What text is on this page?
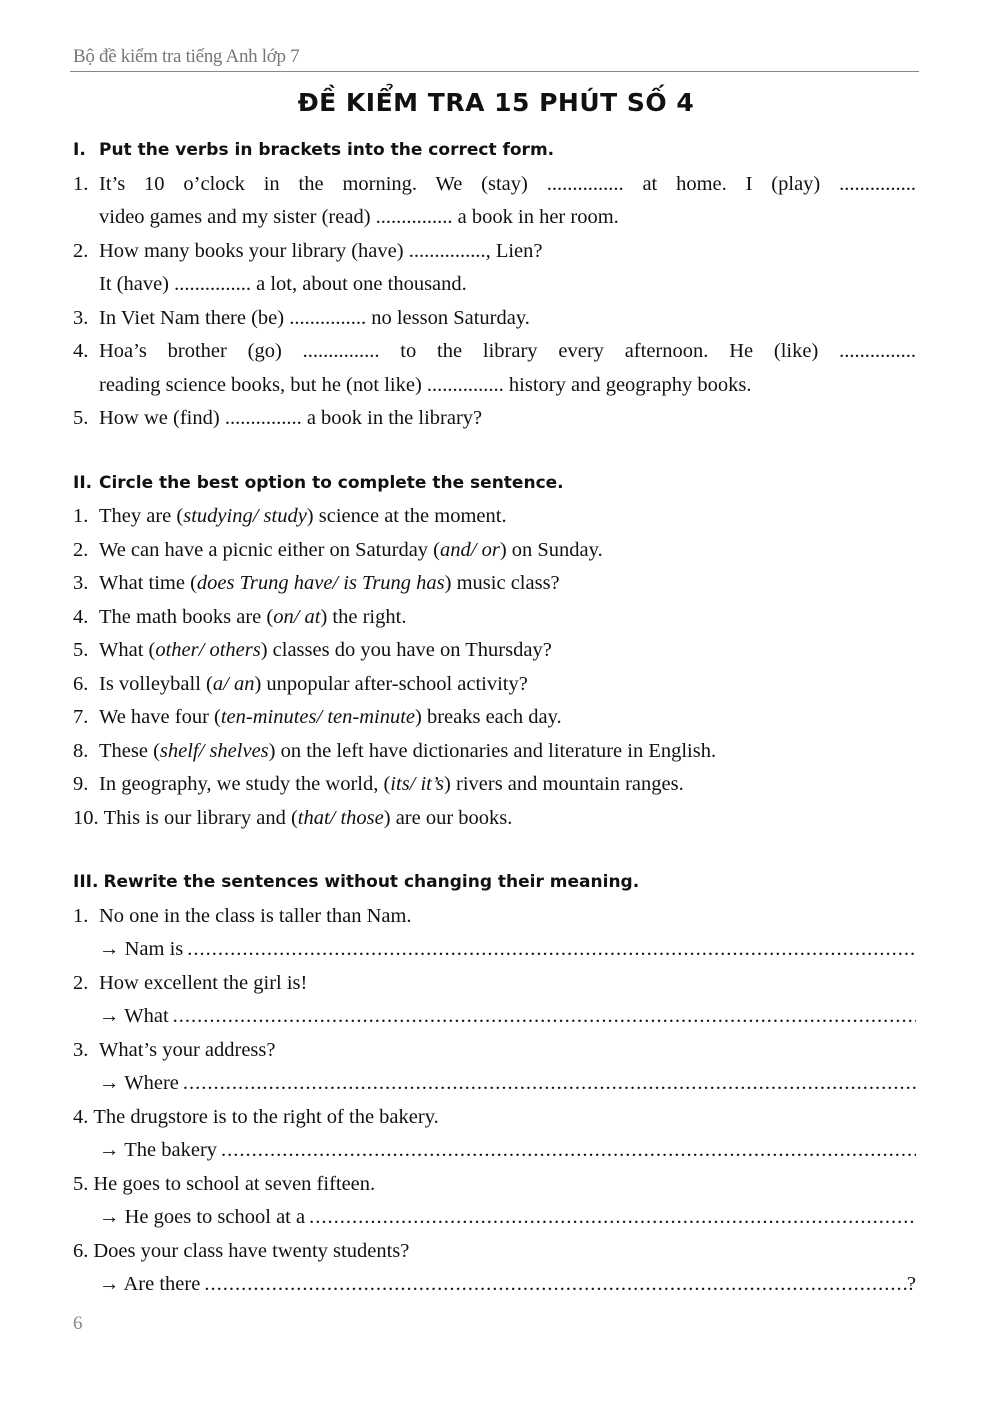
Bộ đề kiểm tra tiếng Anh lớp 7
ĐỀ KIỂM TRA 15 PHÚT SỐ 4
I. Put the verbs in brackets into the correct form.
1. It’s 10 o’clock in the morning. We (stay) ............... at home. I (play) ...............
video games and my sister (read) ............... a book in her room.
2. How many books your library (have) ..............., Lien?
It (have) ............... a lot, about one thousand.
3. In Viet Nam there (be) ............... no lesson Saturday.
4. Hoa’s brother (go) ............... to the library every afternoon. He (like) ...............
reading science books, but he (not like) ............... history and geography books.
5. How we (find) ............... a book in the library?
II. Circle the best option to complete the sentence.
1. They are (studying/ study) science at the moment.
2. We can have a picnic either on Saturday (and/ or) on Sunday.
3. What time (does Trung have/ is Trung has) music class?
4. The math books are (on/ at) the right.
5. What (other/ others) classes do you have on Thursday?
6. Is volleyball (a/ an) unpopular after-school activity?
7. We have four (ten-minutes/ ten-minute) breaks each day.
8. These (shelf/ shelves) on the left have dictionaries and literature in English.
9. In geography, we study the world, (its/ it’s) rivers and mountain ranges.
10. This is our library and (that/ those) are our books.
III. Rewrite the sentences without changing their meaning.
1. No one in the class is taller than Nam.
→ Nam is
.....
2. How excellent the girl is!
→ What
.....
3. What’s your address?
→ Where
.....
4. The drugstore is to the right of the bakery.
→ The bakery
.....
5. He goes to school at seven fifteen.
→ He goes to school at a
.....
6. Does your class have twenty students?
→ Are there .....	?
6
